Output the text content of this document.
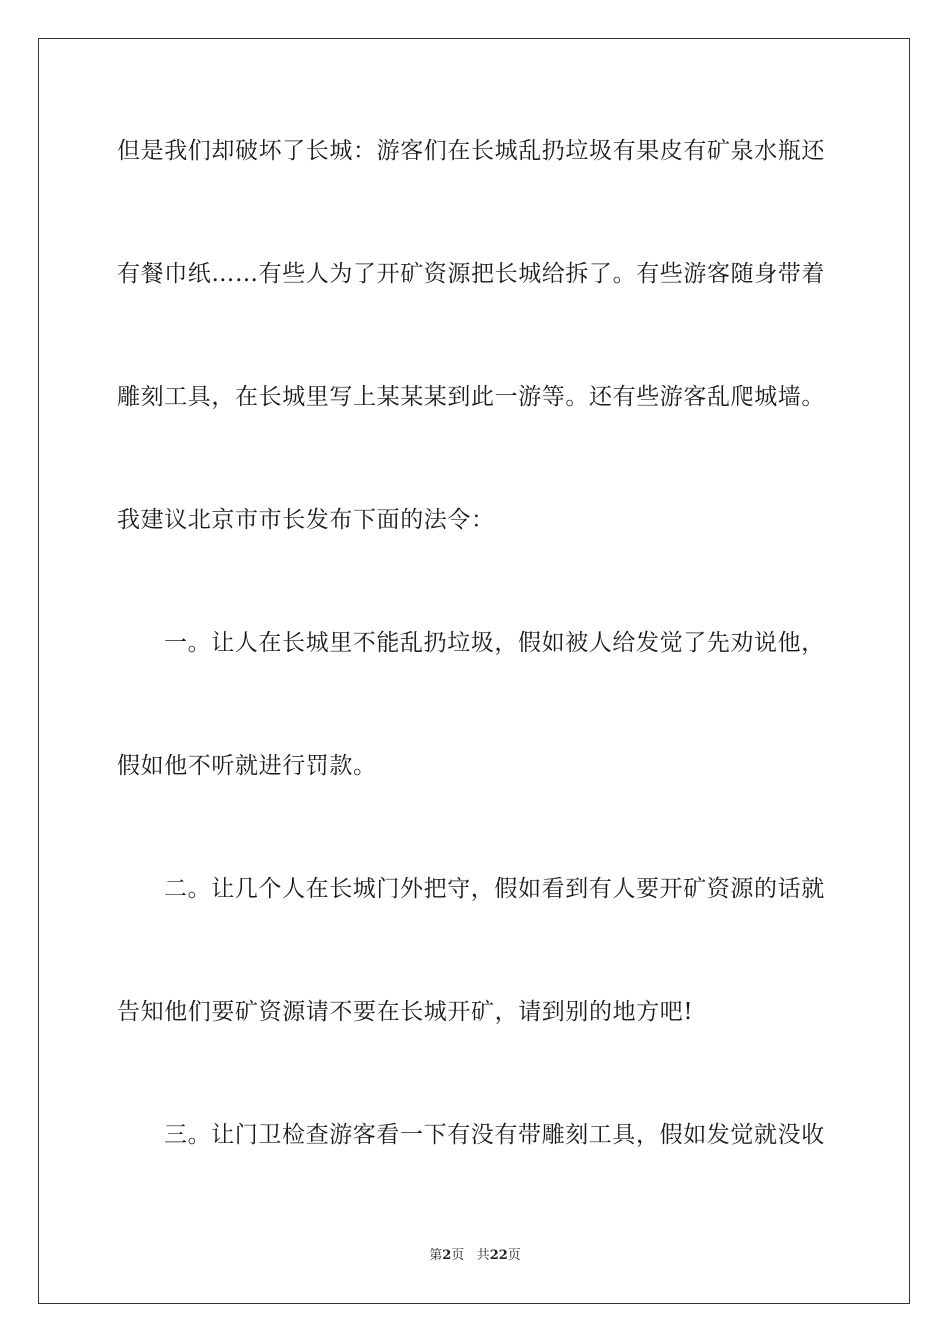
但是我们却破坏了长城：游客们在长城乱扔垃圾有果皮有矿泉水瓶还
有餐巾纸……有些人为了开矿资源把长城给拆了。有些游客随身带着
雕刻工具，在长城里写上某某某到此一游等。还有些游客乱爬城墙。
我建议北京市市长发布下面的法令：
一。让人在长城里不能乱扔垃圾，假如被人给发觉了先劝说他，
假如他不听就进行罚款。
二。让几个人在长城门外把守，假如看到有人要开矿资源的话就
告知他们要矿资源请不要在长城开矿，请到别的地方吧!
三。让门卫检查游客看一下有没有带雕刻工具，假如发觉就没收
第2页 共22页
